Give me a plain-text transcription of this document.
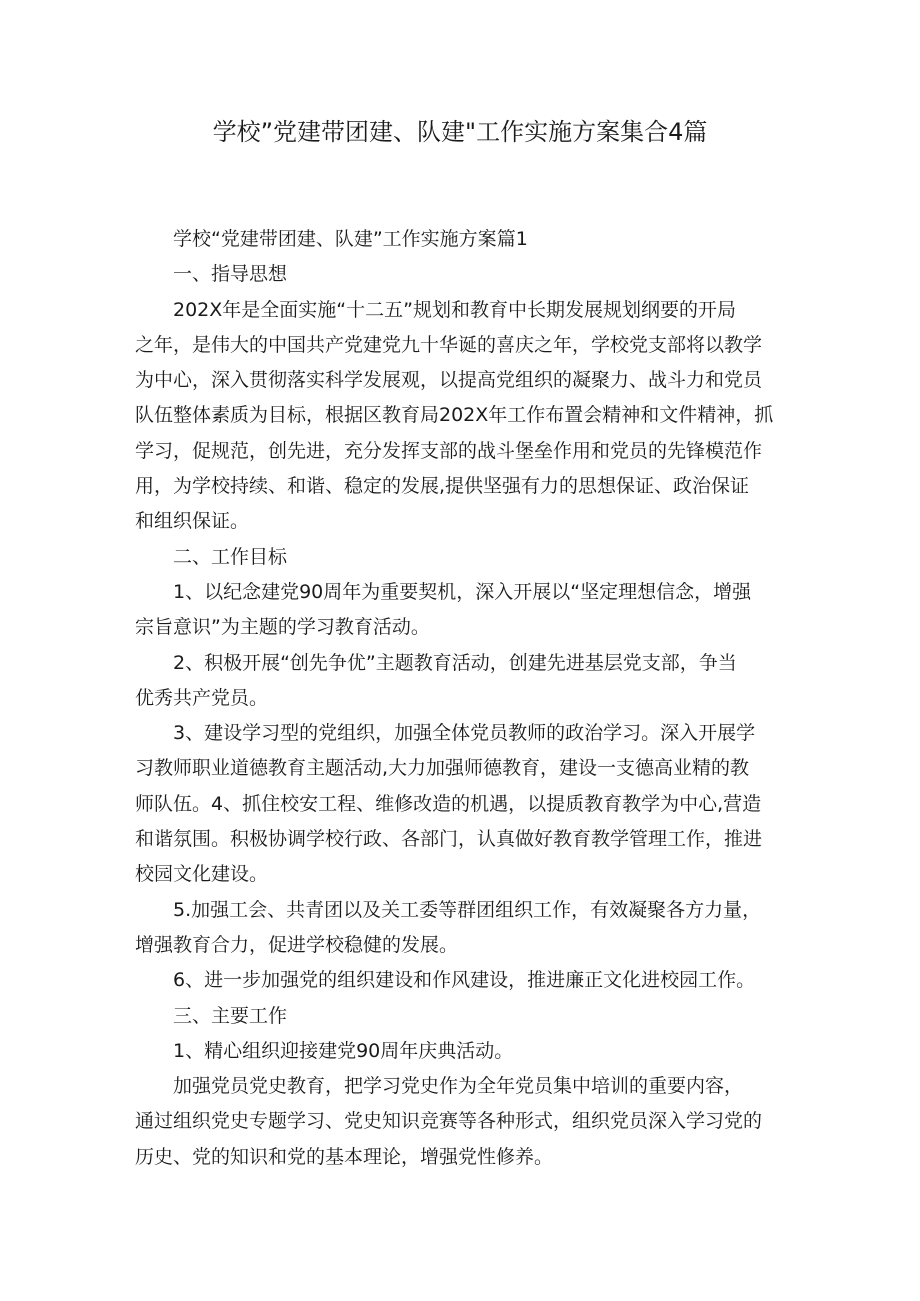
学校”党建带团建、队建"工作实施方案集合4篇

学校“党建带团建、队建”工作实施方案篇1

一、指导思想

202X年是全面实施“十二五”规划和教育中长期发展规划纲要的开局

之年，是伟大的中国共产党建党九十华诞的喜庆之年，学校党支部将以教学

为中心，深入贯彻落实科学发展观，以提高党组织的凝聚力、战斗力和党员

队伍整体素质为目标，根据区教育局202X年工作布置会精神和文件精神，抓

学习，促规范，创先进，充分发挥支部的战斗堡垒作用和党员的先锋模范作

用，为学校持续、和谐、稳定的发展,提供坚强有力的思想保证、政治保证

和组织保证。

二、工作目标

1、以纪念建党90周年为重要契机，深入开展以“坚定理想信念，增强

宗旨意识”为主题的学习教育活动。

2、积极开展“创先争优”主题教育活动，创建先进基层党支部，争当

优秀共产党员。

3、建设学习型的党组织，加强全体党员教师的政治学习。深入开展学

习教师职业道德教育主题活动,大力加强师德教育，建设一支德高业精的教

师队伍。4、抓住校安工程、维修改造的机遇，以提质教育教学为中心,营造

和谐氛围。积极协调学校行政、各部门，认真做好教育教学管理工作，推进

校园文化建设。

5.加强工会、共青团以及关工委等群团组织工作，有效凝聚各方力量，

增强教育合力，促进学校稳健的发展。

6、进一步加强党的组织建设和作风建设，推进廉正文化进校园工作。

三、主要工作

1、精心组织迎接建党90周年庆典活动。

加强党员党史教育，把学习党史作为全年党员集中培训的重要内容，

通过组织党史专题学习、党史知识竞赛等各种形式，组织党员深入学习党的

历史、党的知识和党的基本理论，增强党性修养。
